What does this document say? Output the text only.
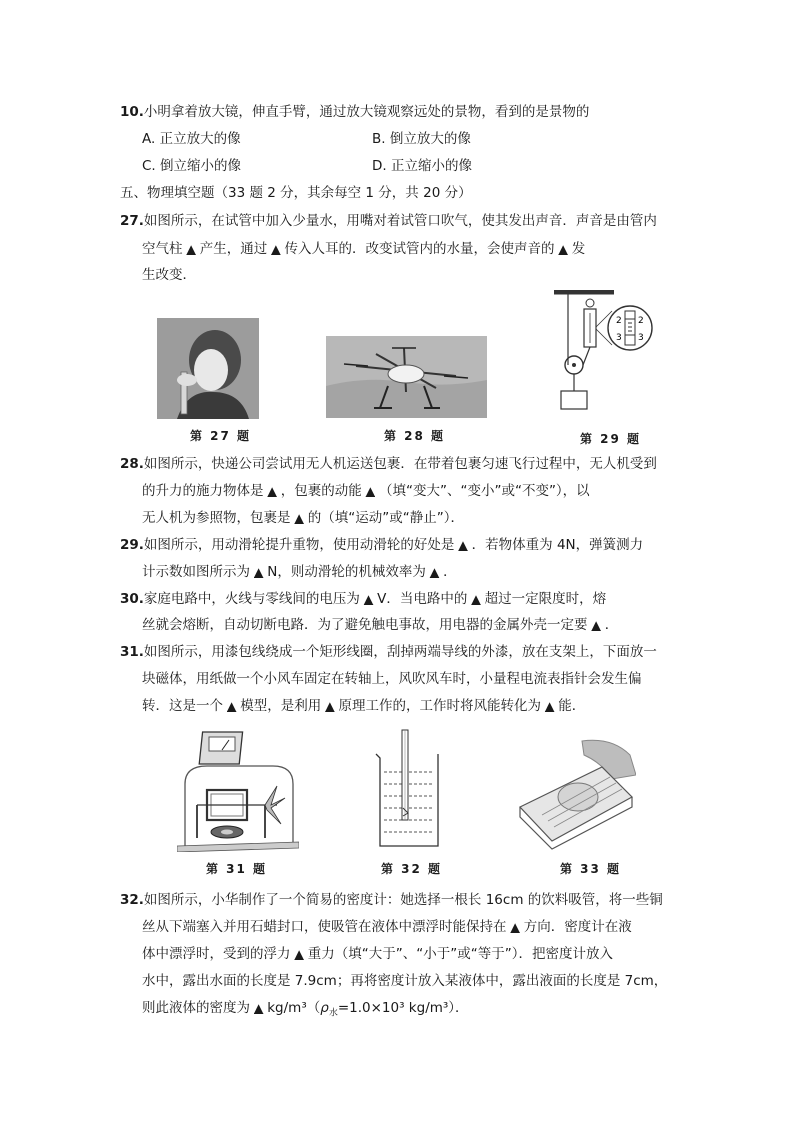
10.小明拿着放大镜，伸直手臂，通过放大镜观察远处的景物，看到的是景物的
A. 正立放大的像	B. 倒立放大的像
C. 倒立缩小的像	D. 正立缩小的像
五、物理填空题（33 题 2 分，其余每空 1 分，共 20 分）
27.如图所示，在试管中加入少量水，用嘴对着试管口吹气，使其发出声音．声音是由管内
空气柱 ▲ 产生，通过 ▲ 传入人耳的．改变试管内的水量，会使声音的 ▲ 发
生改变．
第 27 题	第 28 题
2
3
2
3
第 29 题
28.如图所示，快递公司尝试用无人机运送包裹．在带着包裹匀速飞行过程中，无人机受到
的升力的施力物体是 ▲ ，包裹的动能 ▲ （填“变大”、“变小”或“不变”），以
无人机为参照物，包裹是 ▲ 的（填“运动”或“静止”）．
29.如图所示，用动滑轮提升重物，使用动滑轮的好处是 ▲ ．若物体重为 4N，弹簧测力
计示数如图所示为 ▲ N，则动滑轮的机械效率为 ▲ ．
30.家庭电路中，火线与零线间的电压为 ▲ V．当电路中的 ▲ 超过一定限度时，熔
丝就会熔断，自动切断电路．为了避免触电事故，用电器的金属外壳一定要 ▲ ．
31.如图所示，用漆包线绕成一个矩形线圈，刮掉两端导线的外漆，放在支架上，下面放一
块磁体，用纸做一个小风车固定在转轴上，风吹风车时，小量程电流表指针会发生偏
转．这是一个 ▲ 模型，是利用 ▲ 原理工作的，工作时将风能转化为 ▲ 能．
第 31 题	第 32 题	第 33 题
32.如图所示，小华制作了一个简易的密度计：她选择一根长 16cm 的饮料吸管，将一些铜
丝从下端塞入并用石蜡封口，使吸管在液体中漂浮时能保持在 ▲ 方向．密度计在液
体中漂浮时，受到的浮力 ▲ 重力（填“大于”、“小于”或“等于”）．把密度计放入
水中，露出水面的长度是 7.9cm；再将密度计放入某液体中，露出液面的长度是 7cm，
则此液体的密度为 ▲ $kg/m^3(\rho_水=1.0\times 10^3$ kg/m³）．
